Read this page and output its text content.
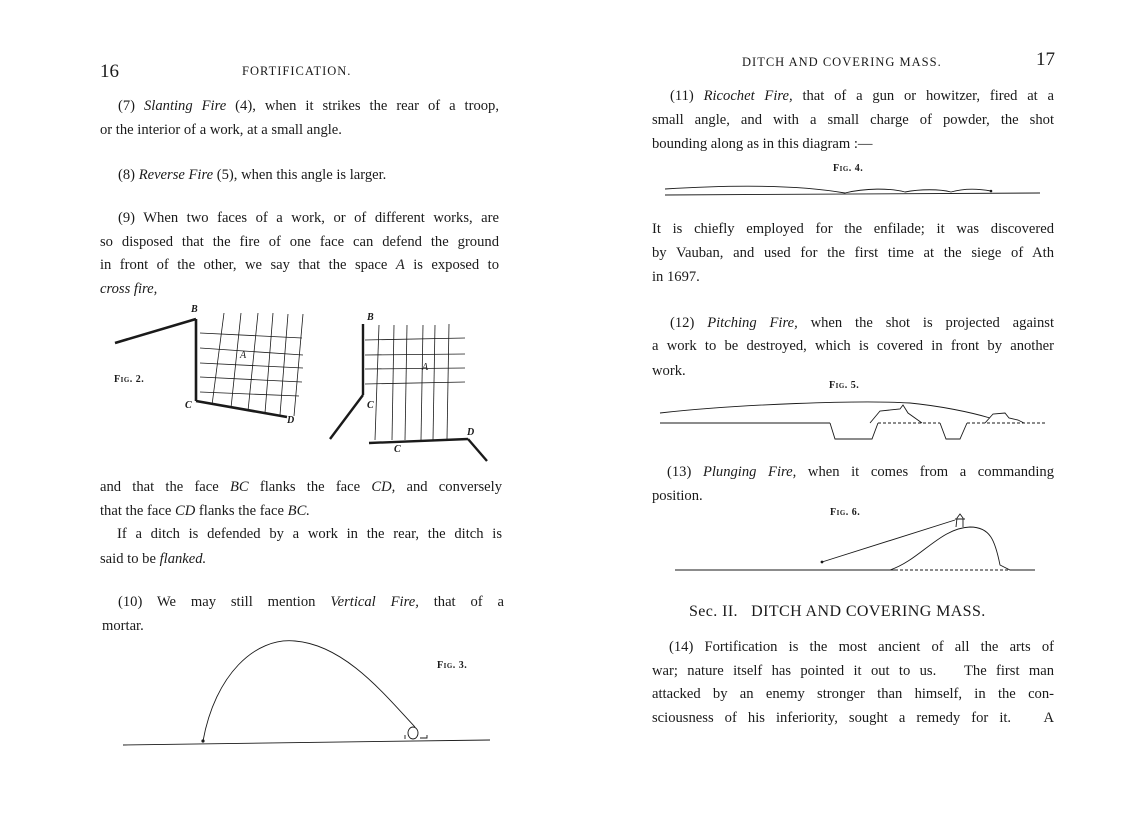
16	FORTIFICATION.
(7) Slanting Fire (4), when it strikes the rear of a troop,
or the interior of a work, at a small angle.
(8) Reverse Fire (5), when this angle is larger.
(9) When two faces of a work, or of different works, are
so disposed that the fire of one face can defend the ground
in front of the other, we say that the space A is exposed to
cross fire,
Fig. 2.
B
A
C
D
B
A
C
C
D
and that the face BC flanks the face CD, and conversely
that the face CD flanks the face BC.
If a ditch is defended by a work in the rear, the ditch is
said to be flanked.
(10) We may still mention Vertical Fire, that of a
mortar.
Fig. 3.
DITCH AND COVERING MASS.	17
(11) Ricochet Fire, that of a gun or howitzer, fired at a
small angle, and with a small charge of powder, the shot
bounding along as in this diagram :—
Fig. 4.
It is chiefly employed for the enfilade; it was discovered
by Vauban, and used for the first time at the siege of Ath
in 1697.
(12) Pitching Fire, when the shot is projected against
a work to be destroyed, which is covered in front by another
work.
Fig. 5.
(13) Plunging Fire, when it comes from a commanding
position.
Fig. 6.
Sec. II.   DITCH AND COVERING MASS.
(14) Fortification is the most ancient of all the arts of
war; nature itself has pointed it out to us.   The first man
attacked by an enemy stronger than himself, in the con-
sciousness of his inferiority, sought a remedy for it.   A
